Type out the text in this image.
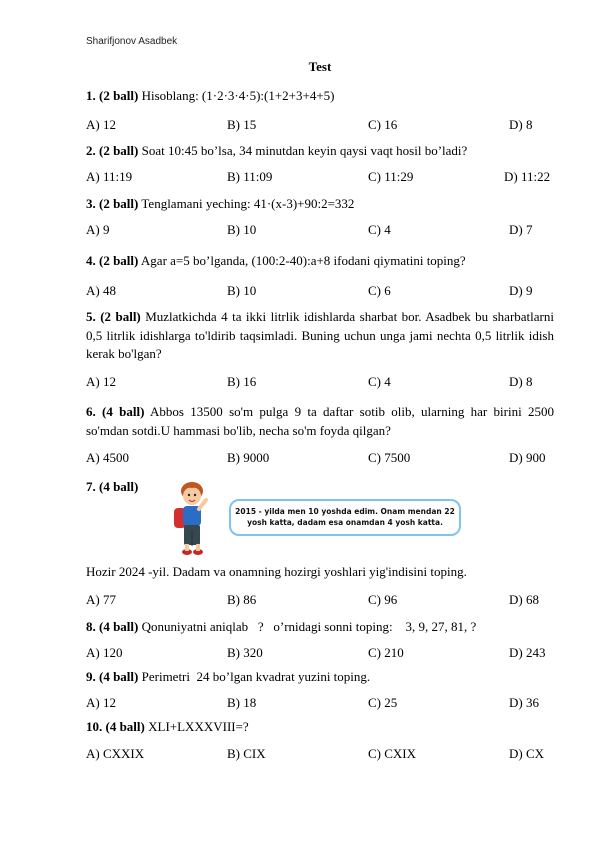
Sharifjonov Asadbek
Test
1. (2 ball) Hisoblang: (1·2·3·4·5):(1+2+3+4+5)
A) 12	B) 15	C) 16	D) 8
2. (2 ball) Soat 10:45 bo’lsa, 34 minutdan keyin qaysi vaqt hosil bo’ladi?
A) 11:19	B) 11:09	C) 11:29	D) 11:22
3. (2 ball) Tenglamani yeching: 41·(x-3)+90:2=332
A) 9	B) 10	C) 4	D) 7
4. (2 ball) Agar a=5 bo’lganda, (100:2-40):a+8 ifodani qiymatini toping?
A) 48	B) 10	C) 6	D) 9
5. (2 ball) Muzlatkichda 4 ta ikki litrlik idishlarda sharbat bor. Asadbek bu sharbatlarni 0,5 litrlik idishlarga to'ldirib taqsimladi. Buning uchun unga jami nechta 0,5 litrlik idish kerak bo'lgan?
A) 12	B) 16	C) 4	D) 8
6. (4 ball) Abbos 13500 so'm pulga 9 ta daftar sotib olib, ularning har birini 2500 so'mdan sotdi.U hammasi bo'lib, necha so'm foyda qilgan?
A) 4500	B) 9000	C) 7500	D) 900
7. (4 ball)
2015 - yilda men 10 yoshda edim. Onam mendan 22 yosh katta, dadam esa onamdan 4 yosh katta.
Hozir 2024 -yil. Dadam va onamning hozirgi yoshlari yig'indisini toping.
A) 77	B) 86	C) 96	D) 68
8. (4 ball) Qonuniyatni aniqlab   ?   o’rnidagi sonni toping:    3, 9, 27, 81, ?
A) 120	B) 320	C) 210	D) 243
9. (4 ball) Perimetri  24 bo’lgan kvadrat yuzini toping.
A) 12	B) 18	C) 25	D) 36
10. (4 ball) XLI+LXXXVIII=?
A) CXXIX	B) CIX	C) CXIX	D) CX
